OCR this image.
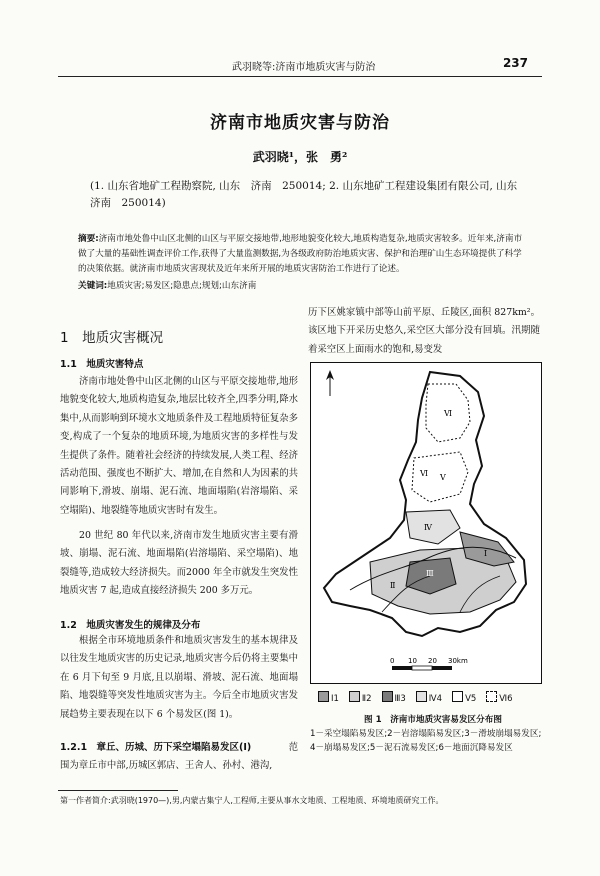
武羽晓等:济南市地质灾害与防治	237
济南市地质灾害与防治
武羽晓¹，张　勇²
(1. 山东省地矿工程勘察院, 山东　济南　250014; 2. 山东地矿工程建设集团有限公司, 山东　济南　250014)
摘要:济南市地处鲁中山区北侧的山区与平原交接地带,地形地貌变化较大,地质构造复杂,地质灾害较多。近年来,济南市做了大量的基础性调查评价工作,获得了大量监测数据,为各级政府防治地质灾害、保护和治理矿山生态环境提供了科学的决策依据。就济南市地质灾害现状及近年来所开展的地质灾害防治工作进行了论述。
关键词:地质灾害;易发区;隐患点;规划;山东济南
1　地质灾害概况
1.1　地质灾害特点
济南市地处鲁中山区北侧的山区与平原交接地带,地形地貌变化较大,地质构造复杂,地层比较齐全,四季分明,降水集中,从而影响到环境水文地质条件及工程地质特征复杂多变,构成了一个复杂的地质环境,为地质灾害的多样性与发生提供了条件。随着社会经济的持续发展,人类工程、经济活动范围、强度也不断扩大、增加,在自然和人为因素的共同影响下,滑坡、崩塌、泥石流、地面塌陷(岩溶塌陷、采空塌陷)、地裂缝等地质灾害时有发生。
20 世纪 80 年代以来,济南市发生地质灾害主要有滑坡、崩塌、泥石流、地面塌陷(岩溶塌陷、采空塌陷)、地裂缝等,造成较大经济损失。而2000 年全市就发生突发性地质灾害 7 起,造成直接经济损失 200 多万元。
1.2　地质灾害发生的规律及分布
根据全市环境地质条件和地质灾害发生的基本规律及以往发生地质灾害的历史记录,地质灾害今后仍将主要集中在 6 月下旬至 9 月底,且以崩塌、滑坡、泥石流、地面塌陷、地裂缝等突发性地质灾害为主。今后全市地质灾害发展趋势主要表现在以下 6 个易发区(图 1)。
1.2.1　章丘、历城、历下采空塌陷易发区(Ⅰ)	范
围为章丘市中部,历城区郭店、王舍人、孙村、港沟,
历下区姚家镇中部等山前平原、丘陵区,面积 827km²。该区地下开采历史悠久,采空区大部分没有回填。汛期随着采空区上面雨水的饱和,易变发
Ⅵ
Ⅵ Ⅴ
Ⅳ
Ⅰ
Ⅱ
Ⅲ
0 10 20 30km
Ⅰ1	Ⅱ2	Ⅲ3	Ⅳ4	Ⅴ5	Ⅵ6
图 1　济南市地质灾害易发区分布图
1－采空塌陷易发区;2－岩溶塌陷易发区;3－滑坡崩塌易发区;
4－崩塌易发区;5－泥石流易发区;6－地面沉降易发区
第一作者简介:武羽晓(1970—),男,内蒙古集宁人,工程师,主要从事水文地质、工程地质、环境地质研究工作。
